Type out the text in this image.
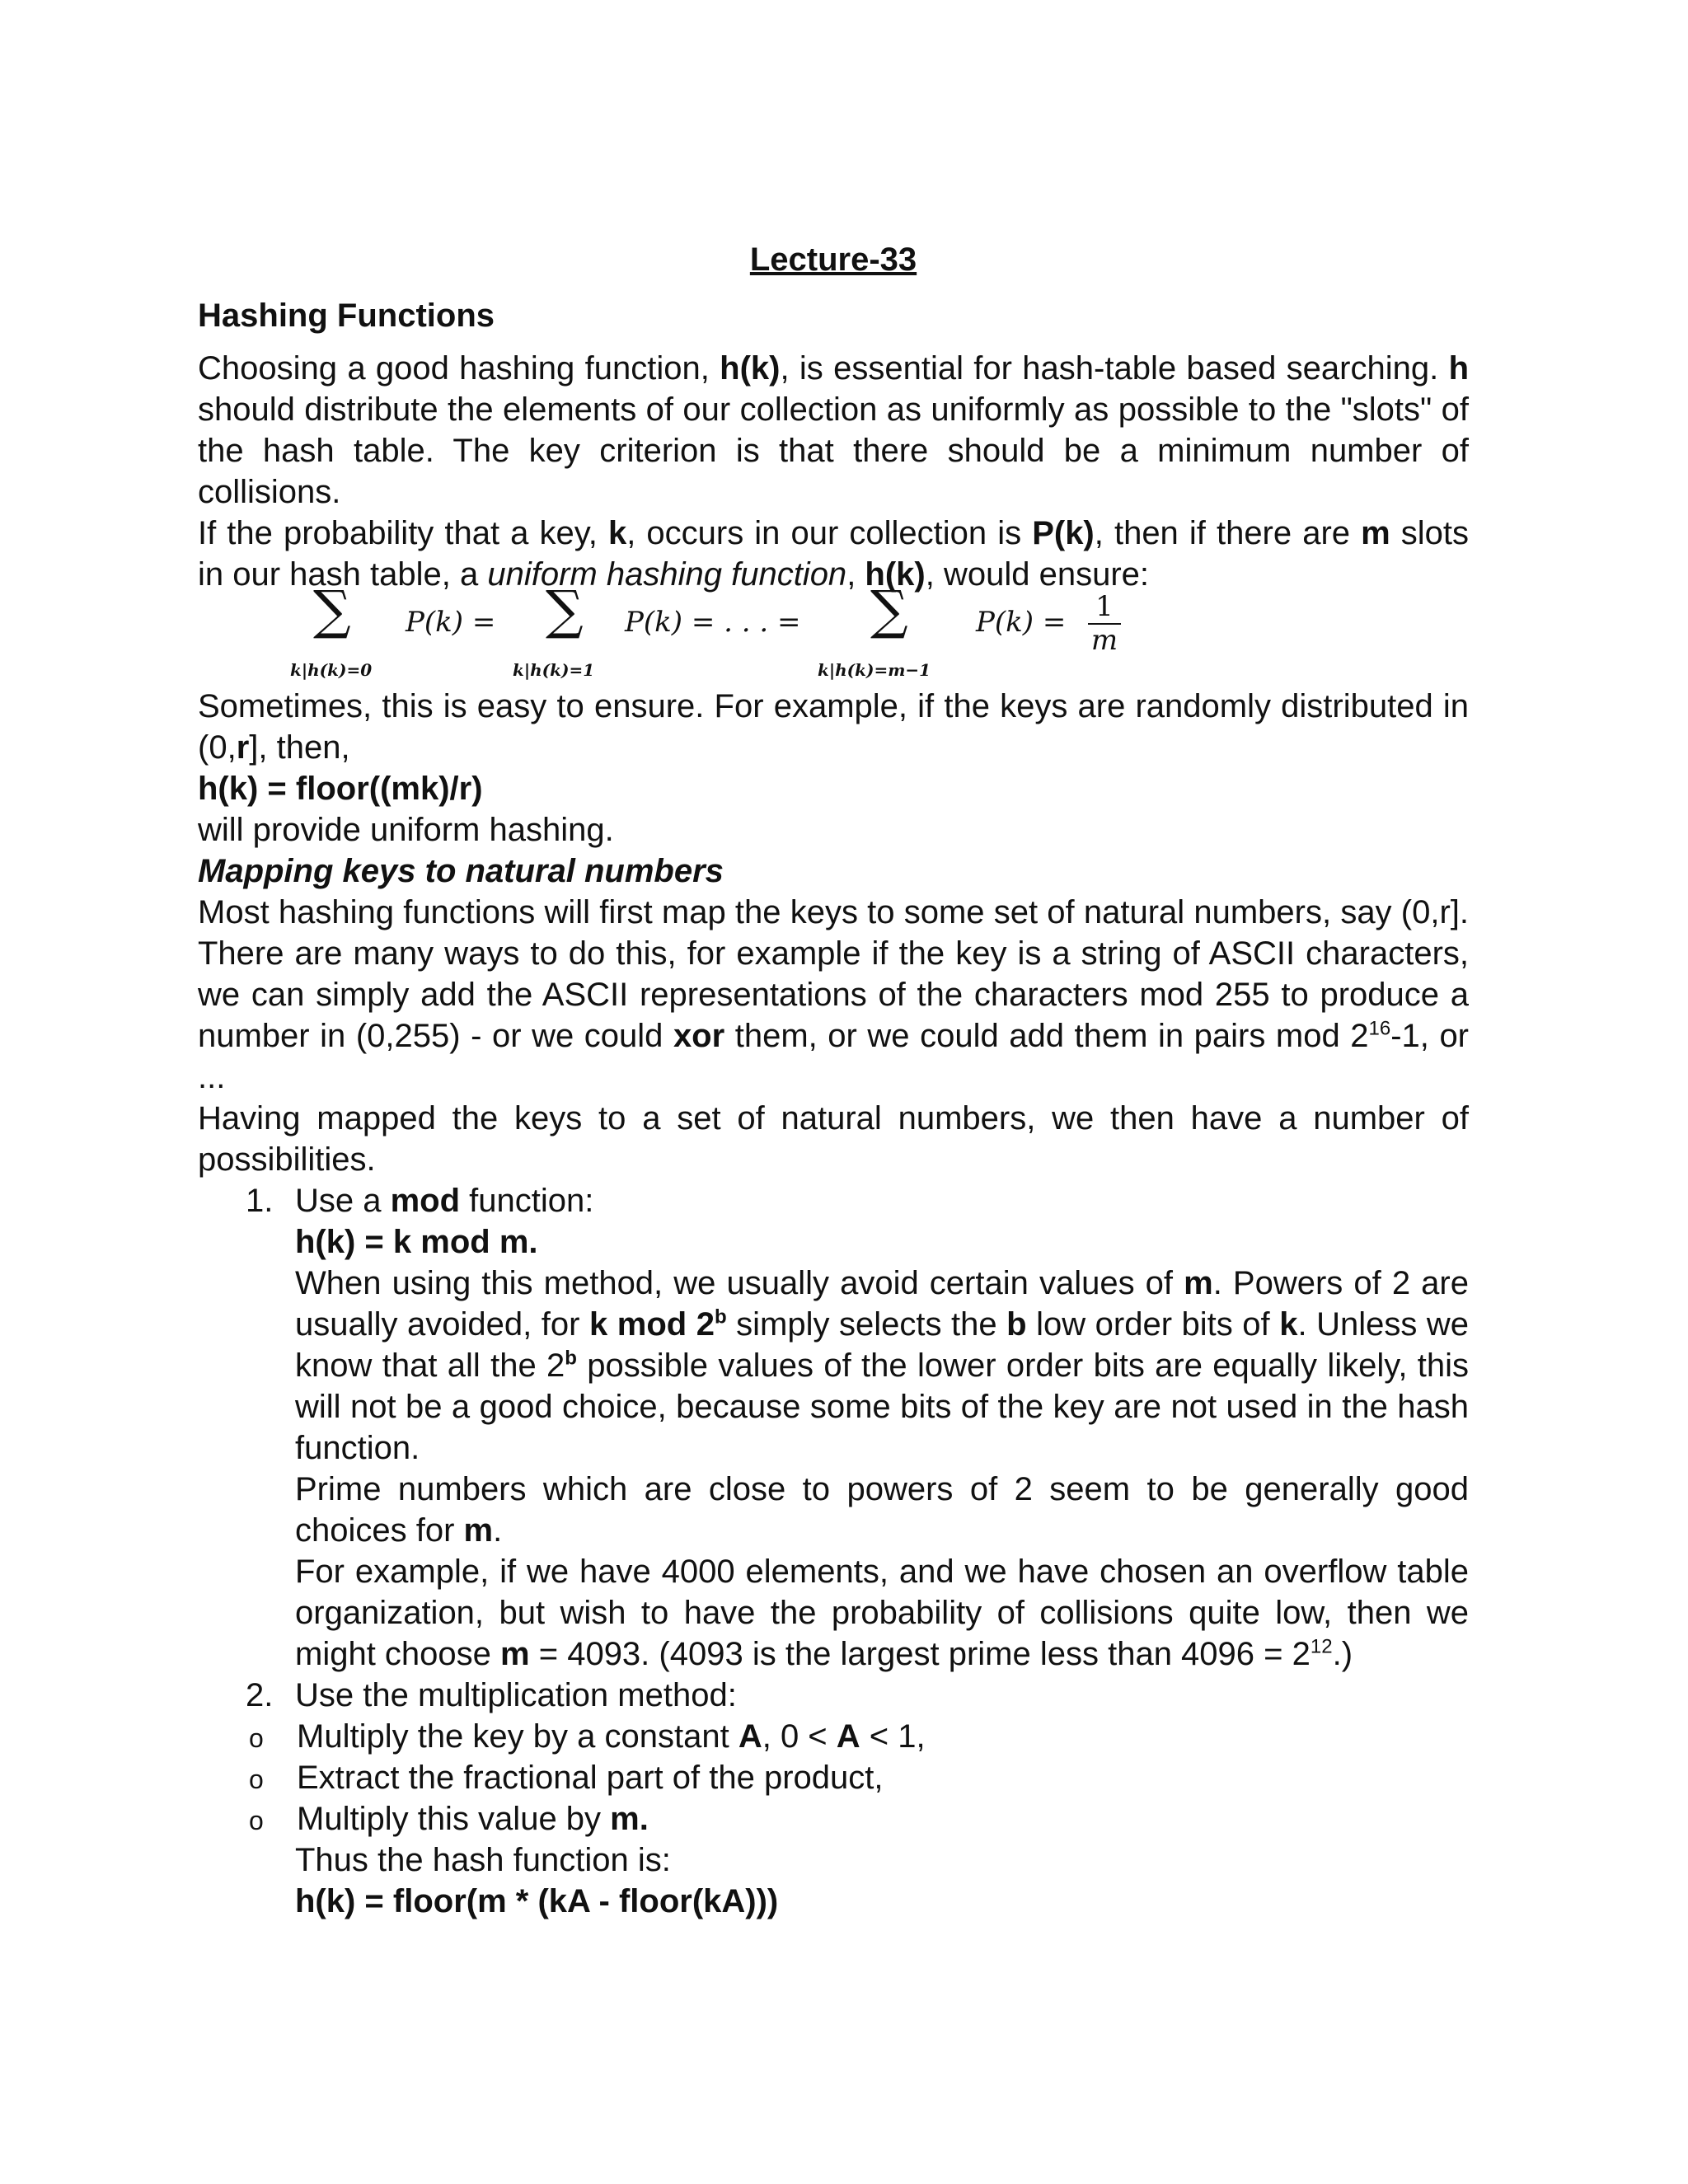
Lecture-33
Hashing Functions

Choosing a good hashing function, h(k), is essential for hash-table based searching. h should distribute the elements of our collection as uniformly as possible to the "slots" of the hash table. The key criterion is that there should be a minimum number of collisions.

If the probability that a key, k, occurs in our collection is P(k), then if there are m slots in our hash table, a uniform hashing function, h(k), would ensure:

∑
k|h(k)=0
P(k) = ∑
k|h(k)=1
P(k) = . . . = ∑
k|h(k)=m−1
$P(k) = \frac{1}{m}$

Sometimes, this is easy to ensure. For example, if the keys are randomly distributed in (0,r], then,

h(k) = floor((mk)/r)

will provide uniform hashing.

Mapping keys to natural numbers

Most hashing functions will first map the keys to some set of natural numbers, say (0,r]. There are many ways to do this, for example if the key is a string of ASCII characters, we can simply add the ASCII representations of the characters mod 255 to produce a number in (0,255) - or we could xor them, or we could add them in pairs mod $2^{16}-1$, or ...

Having mapped the keys to a set of natural numbers, we then have a number of possibilities.

1. Use a mod function:
h(k) = k mod m.
When using this method, we usually avoid certain values of m. Powers of 2 are usually avoided, for k mod 2$^b$ simply selects the b low order bits of k. Unless we know that all the 2$^b$ possible values of the lower order bits are equally likely, this will not be a good choice, because some bits of the key are not used in the hash function.
Prime numbers which are close to powers of 2 seem to be generally good choices for m.
For example, if we have 4000 elements, and we have chosen an overflow table organization, but wish to have the probability of collisions quite low, then we might choose m = 4093. (4093 is the largest prime less than $4096 = 2^{12}$.)
2. Use the multiplication method:
o Multiply the key by a constant A, 0 < A < 1,
o Extract the fractional part of the product,
o Multiply this value by m.
Thus the hash function is:
h(k) = floor(m * (kA - floor(kA)))
